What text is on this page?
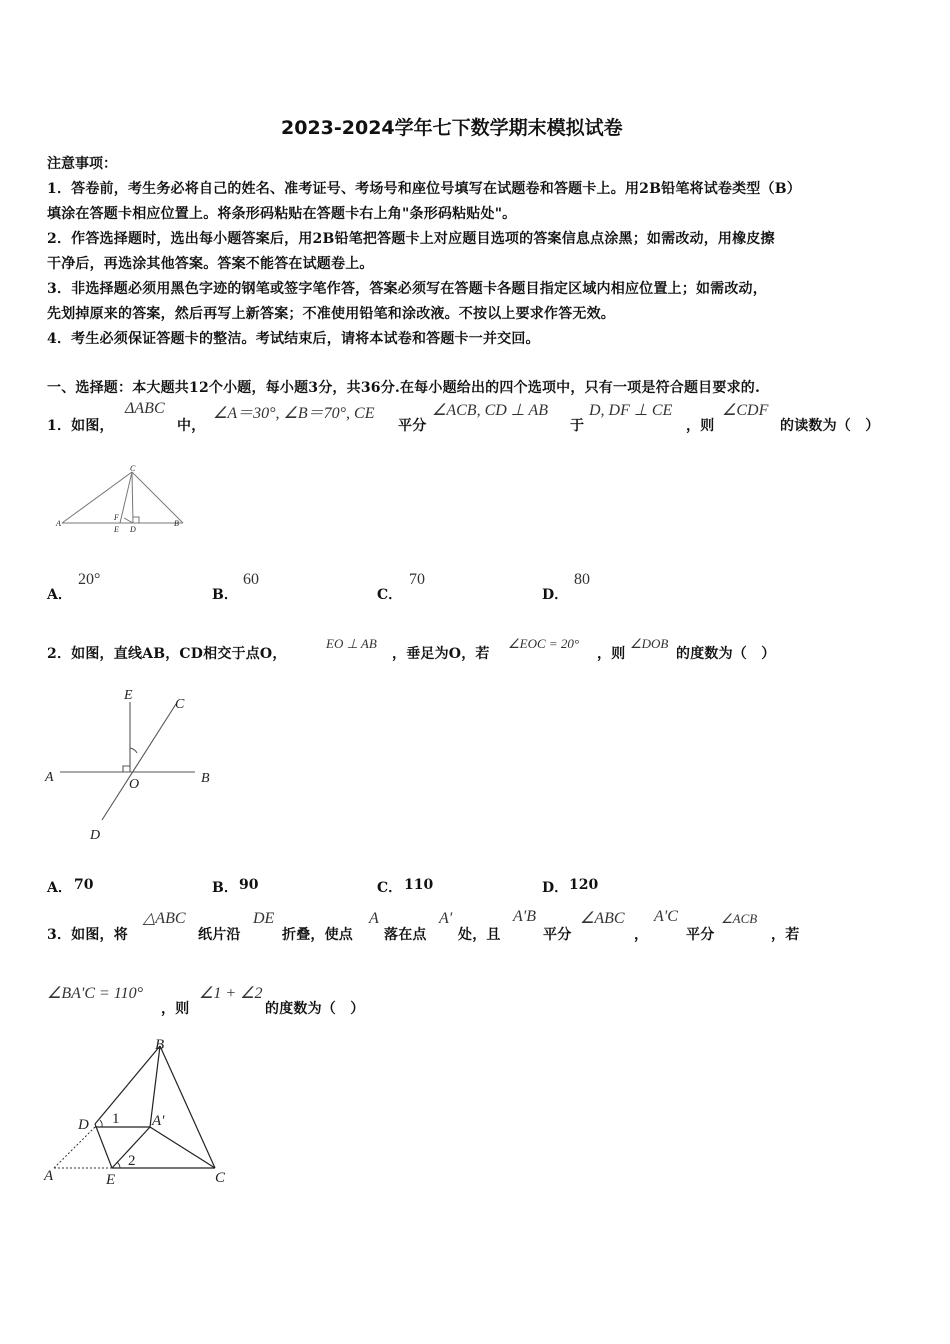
2023-2024学年七下数学期末模拟试卷
注意事项：
1．答卷前，考生务必将自己的姓名、准考证号、考场号和座位号填写在试题卷和答题卡上。用2B铅笔将试卷类型（B）
填涂在答题卡相应位置上。将条形码粘贴在答题卡右上角"条形码粘贴处"。
2．作答选择题时，选出每小题答案后，用2B铅笔把答题卡上对应题目选项的答案信息点涂黑；如需改动，用橡皮擦
干净后，再选涂其他答案。答案不能答在试题卷上。
3．非选择题必须用黑色字迹的钢笔或签字笔作答，答案必须写在答题卡各题目指定区域内相应位置上；如需改动，
先划掉原来的答案，然后再写上新答案；不准使用铅笔和涂改液。不按以上要求作答无效。
4．考生必须保证答题卡的整洁。考试结束后，请将本试卷和答题卡一并交回。
一、选择题：本大题共12个小题，每小题3分，共36分.在每小题给出的四个选项中，只有一项是符合题目要求的.
1．如图，
ΔABC
中，
∠A＝30°, ∠B＝70°, CE
平分
∠ACB, CD ⊥ AB
于
D, DF ⊥ CE
，则
∠CDF
的读数为（　）
C
A	B
E D
F
A．
20°
B．
60
C．
70
D．
80
2．如图，直线AB，CD相交于点O，
EO ⊥ AB
，垂足为O，若
∠EOC = 20°
，则
∠DOB
的度数为（　）
E
C
A	B
O
D
A． 70	B． 90	C． 110	D． 120
3．如图，将
△ABC
纸片沿
DE
折叠，使点
A
落在点
A'
处，且
A'B
平分
∠ABC
，
A'C
平分
∠ACB
，若
∠BA'C = 110°
，则
∠1 + ∠2
的度数为（　）
B
D 1 A'
2
A	E	C
